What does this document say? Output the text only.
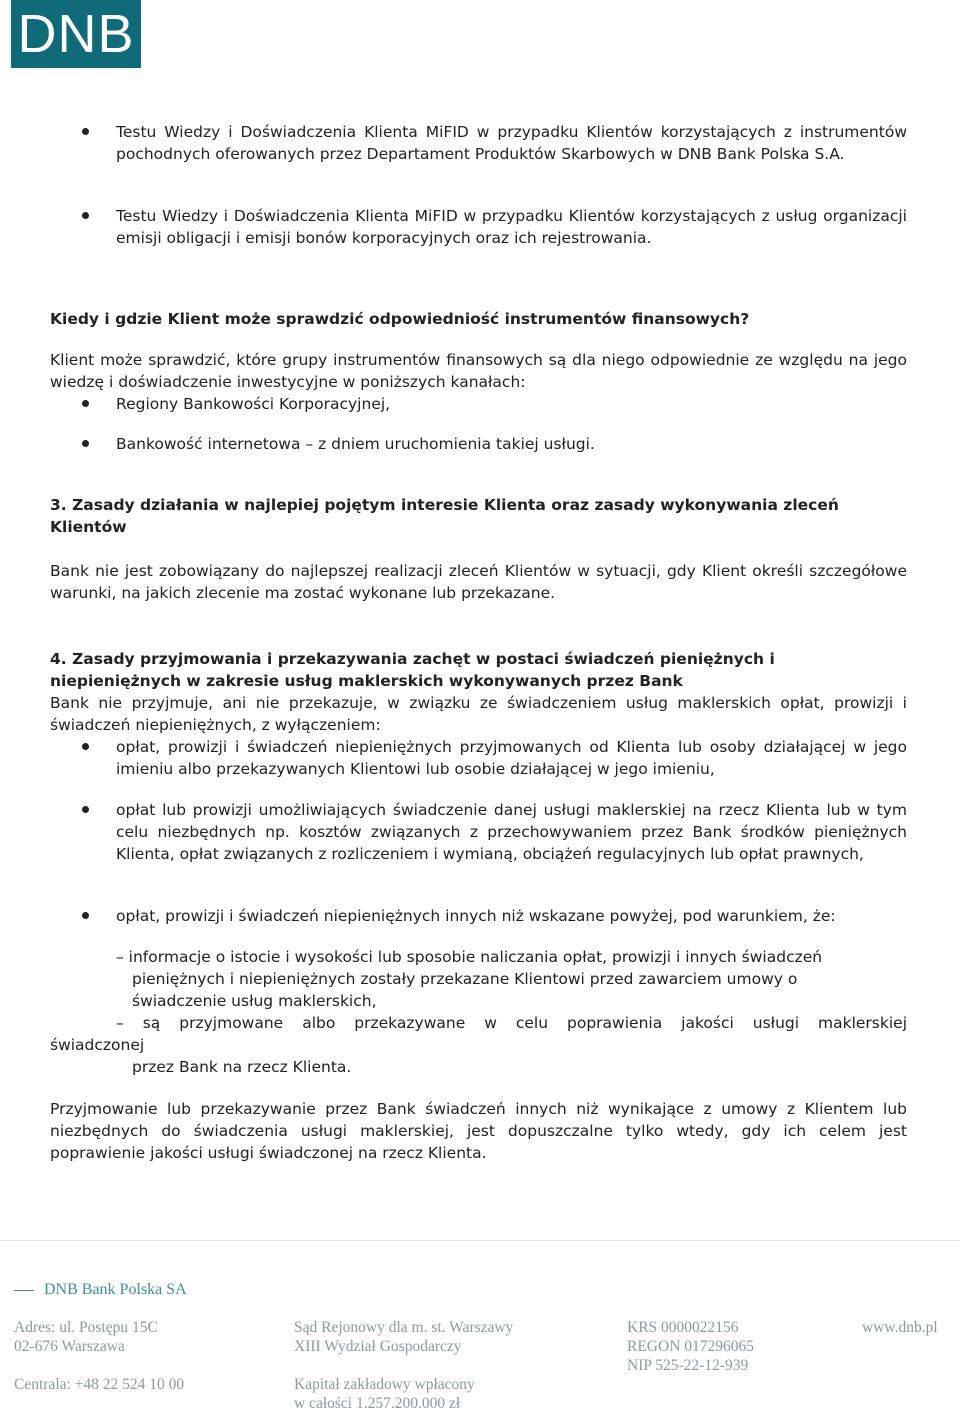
DNB
Testu Wiedzy i Doświadczenia Klienta MiFID w przypadku Klientów korzystających z instrumentów pochodnych oferowanych przez Departament Produktów Skarbowych w DNB Bank Polska S.A.
Testu Wiedzy i Doświadczenia Klienta MiFID w przypadku Klientów korzystających z usług organizacji emisji obligacji i emisji bonów korporacyjnych oraz ich rejestrowania.
Kiedy i gdzie Klient może sprawdzić odpowiedniość instrumentów finansowych?
Klient może sprawdzić, które grupy instrumentów finansowych są dla niego odpowiednie ze względu na jego wiedzę i doświadczenie inwestycyjne w poniższych kanałach:
Regiony Bankowości Korporacyjnej,
Bankowość internetowa – z dniem uruchomienia takiej usługi.
3. Zasady działania w najlepiej pojętym interesie Klienta oraz zasady wykonywania zleceń Klientów
Bank nie jest zobowiązany do najlepszej realizacji zleceń Klientów w sytuacji, gdy Klient określi szczegółowe warunki, na jakich zlecenie ma zostać wykonane lub przekazane.
4. Zasady przyjmowania i przekazywania zachęt w postaci świadczeń pieniężnych i niepieniężnych w zakresie usług maklerskich wykonywanych przez Bank
Bank nie przyjmuje, ani nie przekazuje, w związku ze świadczeniem usług maklerskich opłat, prowizji i świadczeń niepieniężnych, z wyłączeniem:
opłat, prowizji i świadczeń niepieniężnych przyjmowanych od Klienta lub osoby działającej w jego imieniu albo przekazywanych Klientowi lub osobie działającej w jego imieniu,
opłat lub prowizji umożliwiających świadczenie danej usługi maklerskiej na rzecz Klienta lub w tym celu niezbędnych np. kosztów związanych z przechowywaniem przez Bank środków pieniężnych Klienta, opłat związanych z rozliczeniem i wymianą, obciążeń regulacyjnych lub opłat prawnych,
opłat, prowizji i świadczeń niepieniężnych innych niż wskazane powyżej, pod warunkiem, że:
– informacje o istocie i wysokości lub sposobie naliczania opłat, prowizji i innych świadczeń pieniężnych i niepieniężnych zostały przekazane Klientowi przed zawarciem umowy o świadczenie usług maklerskich,
– są przyjmowane albo przekazywane w celu poprawienia jakości usługi maklerskiej
świadczonej
przez Bank na rzecz Klienta.
Przyjmowanie lub przekazywanie przez Bank świadczeń innych niż wynikające z umowy z Klientem lub niezbędnych do świadczenia usługi maklerskiej, jest dopuszczalne tylko wtedy, gdy ich celem jest poprawienie jakości usługi świadczonej na rzecz Klienta.
DNB Bank Polska SA
Adres: ul. Postępu 15C
02-676 Warszawa
Centrala: +48 22 524 10 00
Sąd Rejonowy dla m. st. Warszawy
XIII Wydział Gospodarczy
Kapitał zakładowy wpłacony
w całości 1.257.200.000 zł
KRS 0000022156
REGON 017296065
NIP 525-22-12-939
www.dnb.pl
